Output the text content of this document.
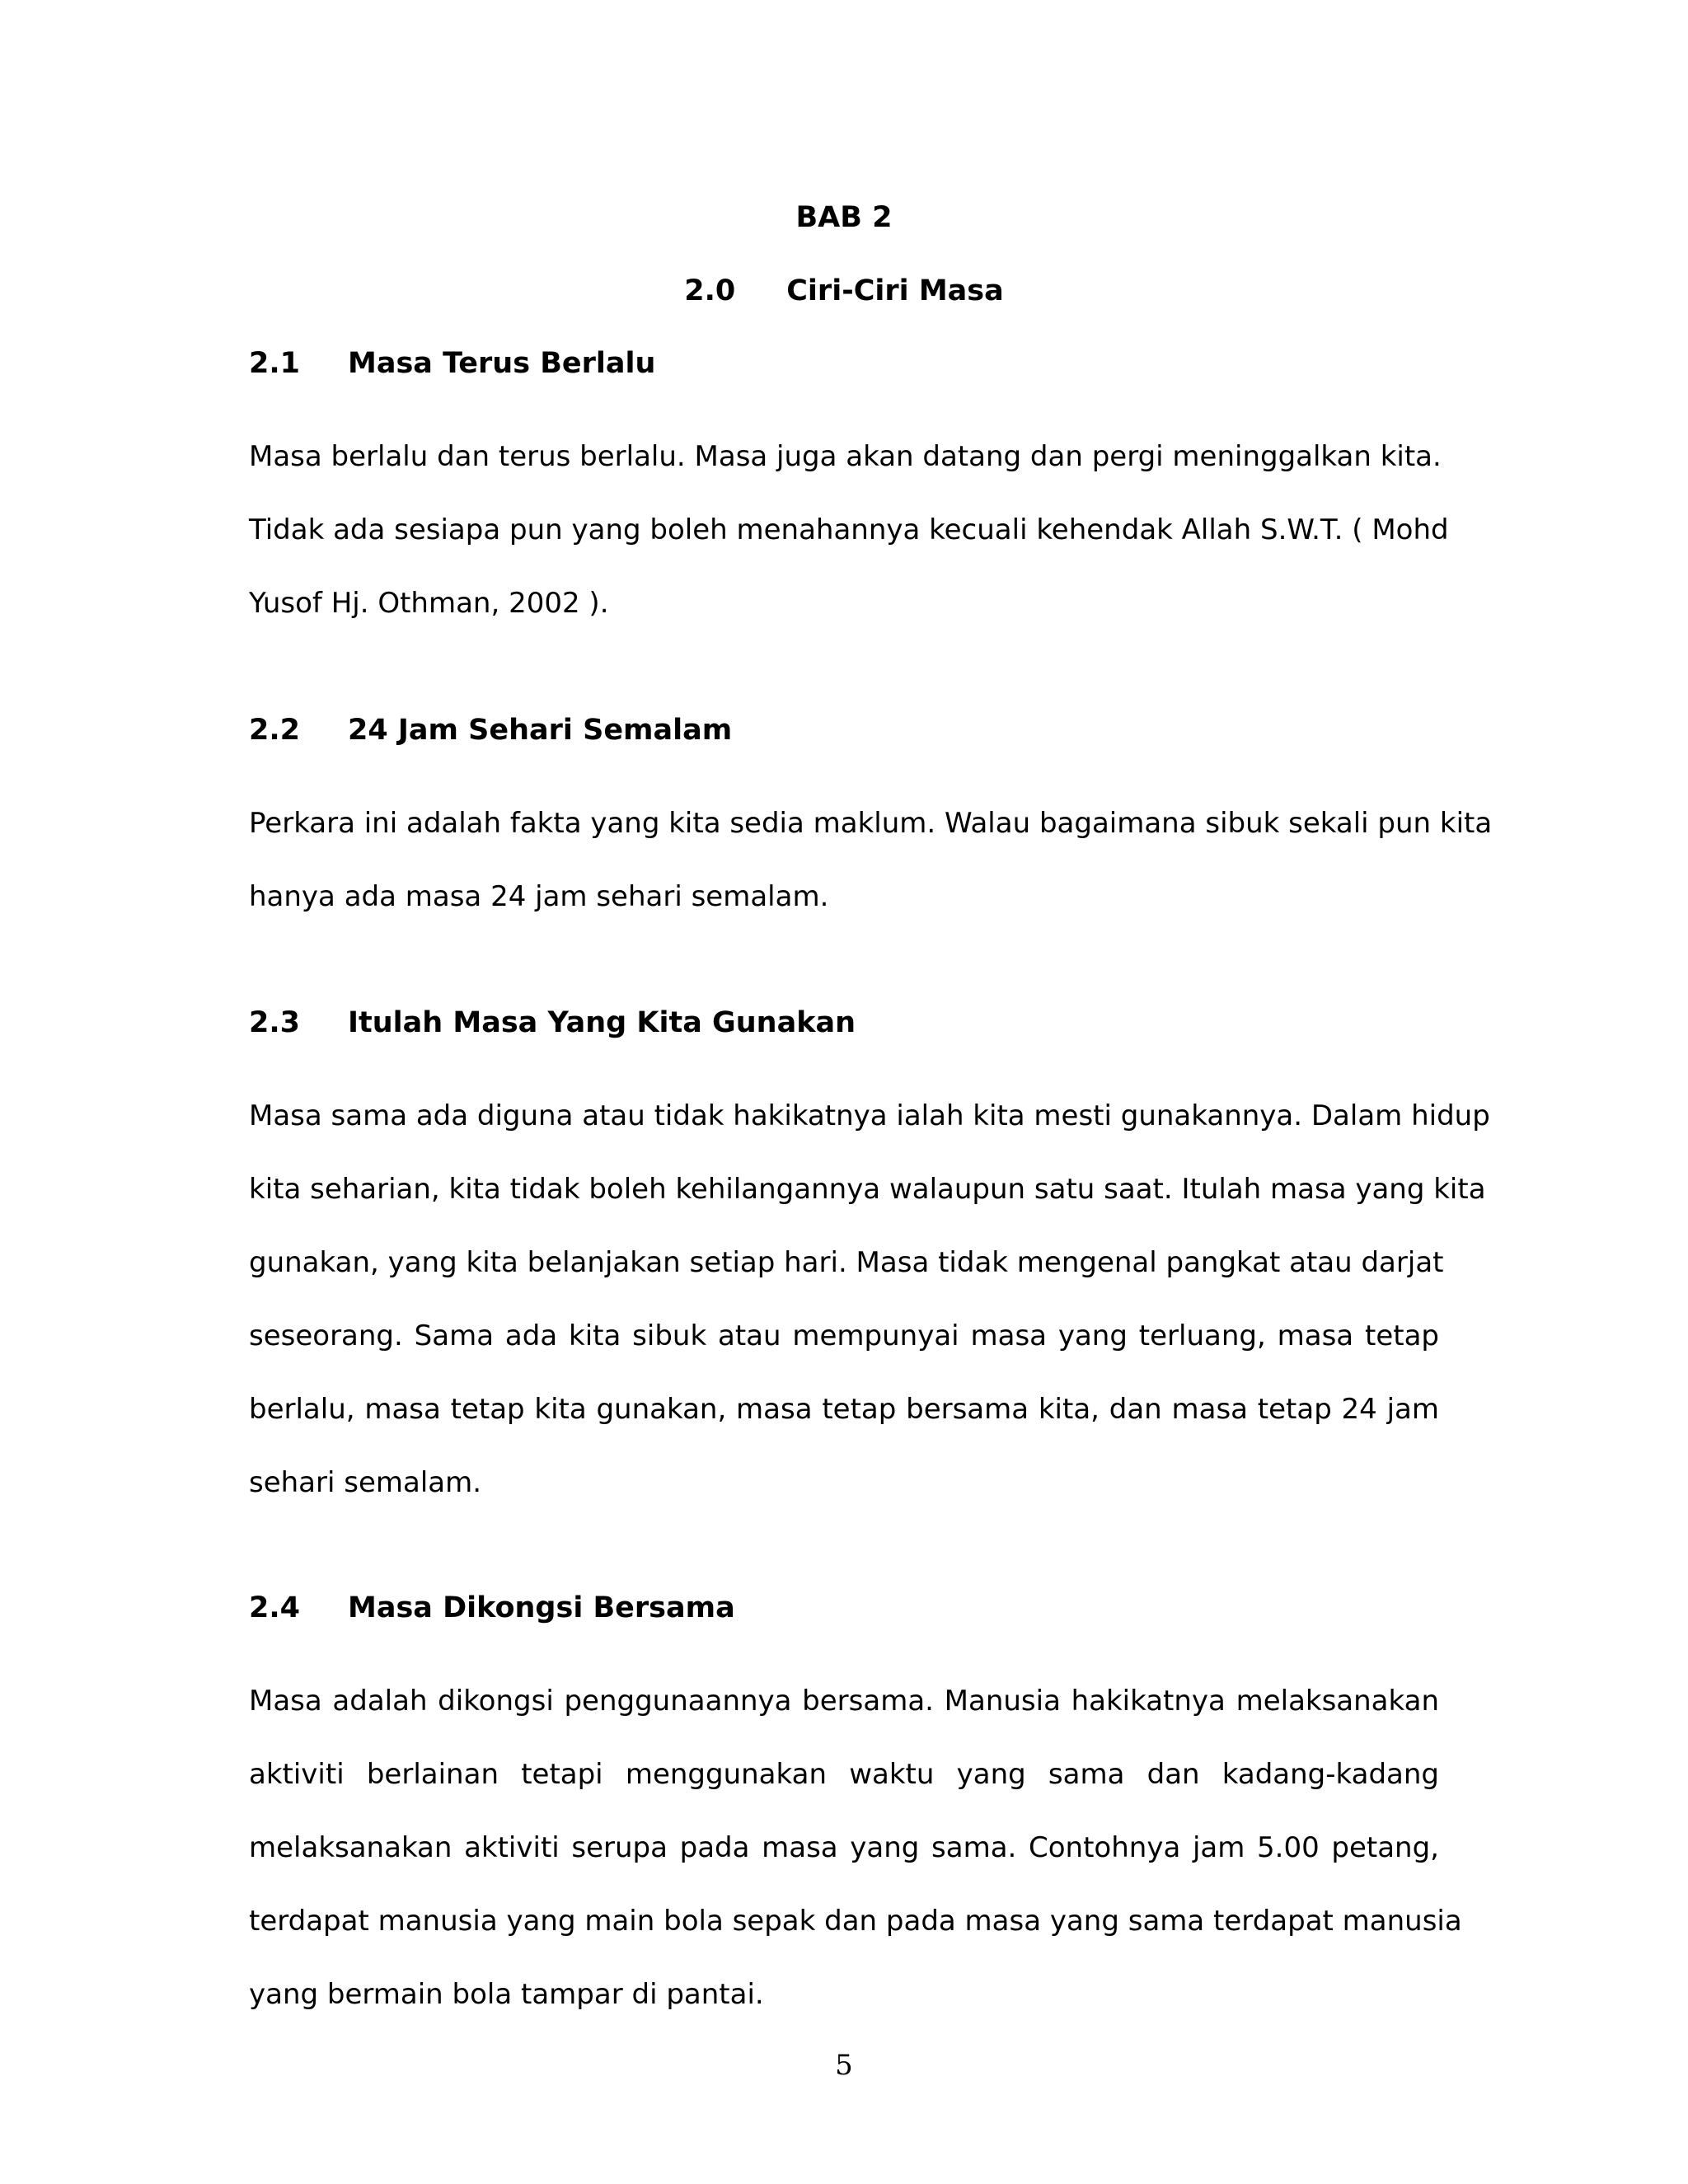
BAB 2
2.0 Ciri-Ciri Masa
2.1	Masa Terus Berlalu
Masa berlalu dan terus berlalu. Masa juga akan datang dan pergi meninggalkan kita.
Tidak ada sesiapa pun yang boleh menahannya kecuali kehendak Allah S.W.T. ( Mohd
Yusof Hj. Othman, 2002 ).
2.2	24 Jam Sehari Semalam
Perkara ini adalah fakta yang kita sedia maklum. Walau bagaimana sibuk sekali pun kita
hanya ada masa 24 jam sehari semalam.
2.3	Itulah Masa Yang Kita Gunakan
Masa sama ada diguna atau tidak hakikatnya ialah kita mesti gunakannya. Dalam hidup
kita seharian, kita tidak boleh kehilangannya walaupun satu saat. Itulah masa yang kita
gunakan, yang kita belanjakan setiap hari. Masa tidak mengenal pangkat atau darjat
seseorang. Sama ada kita sibuk atau mempunyai masa yang terluang, masa tetap
berlalu, masa tetap kita gunakan, masa tetap bersama kita, dan masa tetap 24 jam
sehari semalam.
2.4	Masa Dikongsi Bersama
Masa adalah dikongsi penggunaannya bersama. Manusia hakikatnya melaksanakan
aktiviti berlainan tetapi menggunakan waktu yang sama dan kadang-kadang
melaksanakan aktiviti serupa pada masa yang sama. Contohnya jam 5.00 petang,
terdapat manusia yang main bola sepak dan pada masa yang sama terdapat manusia
yang bermain bola tampar di pantai.
5
